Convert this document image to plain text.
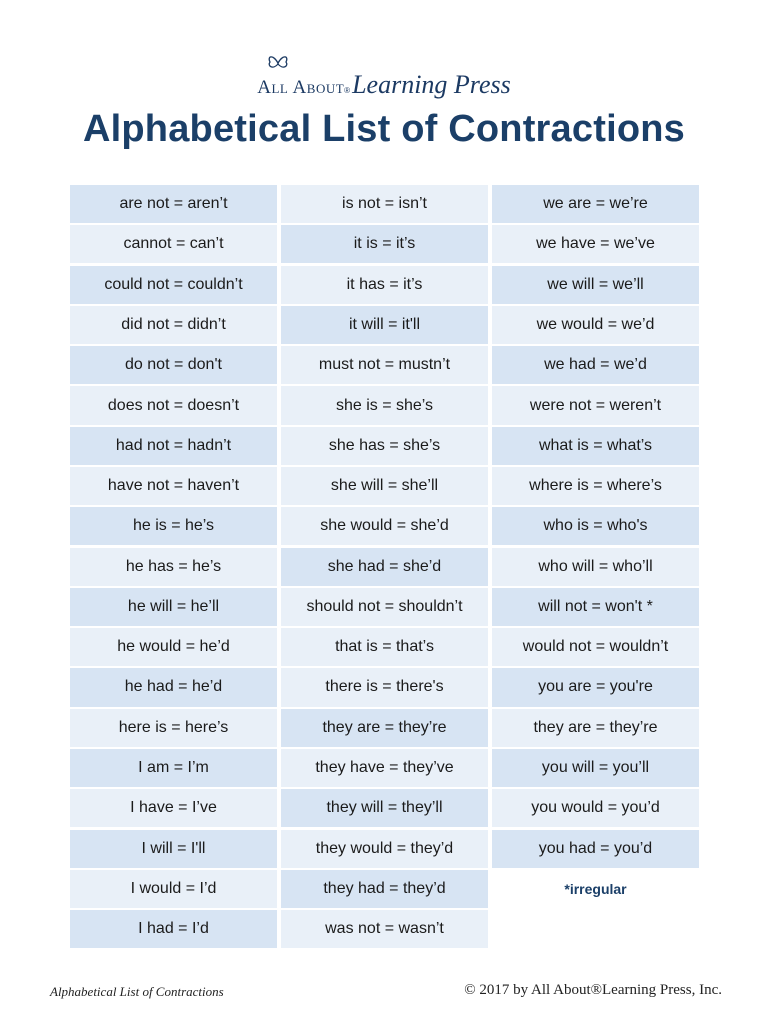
All About ® Learning Press
Alphabetical List of Contractions
are not = aren’t
cannot = can’t
could not = couldn’t
did not = didn’t
do not = don't
does not = doesn’t
had not = hadn’t
have not = haven’t
he is = he’s
he has = he’s
he will = he’ll
he would = he’d
he had = he’d
here is = here’s
I am = I’m
I have = I’ve
I will = I'll
I would = I’d
I had = I’d
is not = isn’t
it is = it’s
it has = it’s
it will = it'll
must not = mustn’t
she is = she’s
she has = she’s
she will = she’ll
she would = she’d
she had = she’d
should not = shouldn’t
that is = that’s
there is = there's
they are = they’re
they have = they’ve
they will = they’ll
they would = they’d
they had = they’d
was not = wasn’t
we are = we’re
we have = we’ve
we will = we’ll
we would = we’d
we had = we’d
were not = weren’t
what is = what’s
where is = where’s
who is = who's
who will = who’ll
will not = won't *
would not = wouldn’t
you are = you're
they are = they’re
you will = you’ll
you would = you’d
you had = you’d
*irregular
Alphabetical List of Contractions	© 2017 by All About®Learning Press, Inc.
